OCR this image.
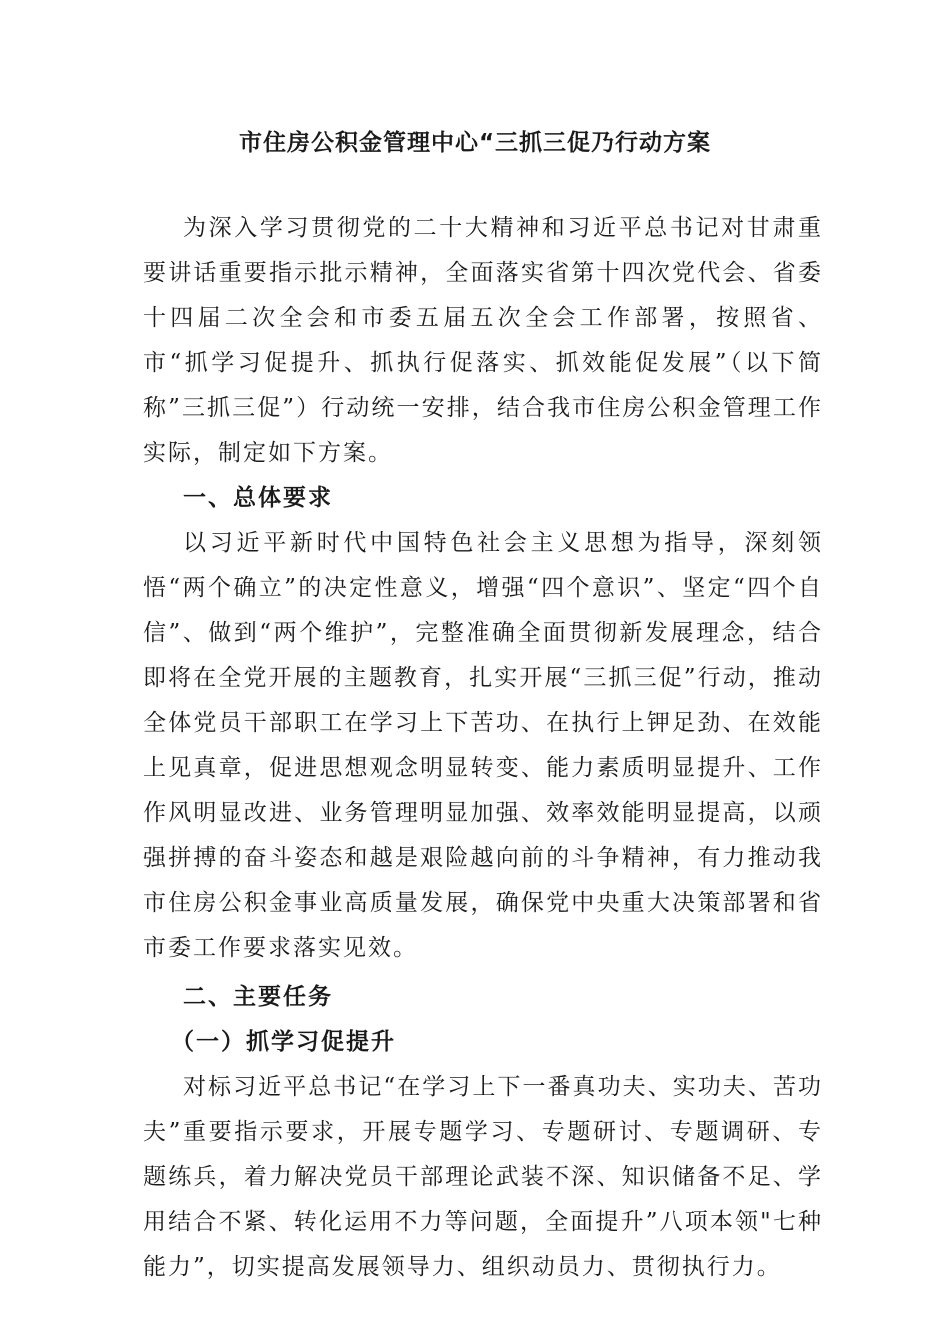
市住房公积金管理中心“三抓三促乃行动方案

为深入学习贯彻党的二十大精神和习近平总书记对甘肃重要讲话重要指示批示精神，全面落实省第十四次党代会、省委十四届二次全会和市委五届五次全会工作部署，按照省、市“抓学习促提升、抓执行促落实、抓效能促发展”（以下简称”三抓三促”）行动统一安排，结合我市住房公积金管理工作实际，制定如下方案。

一、总体要求

以习近平新时代中国特色社会主义思想为指导，深刻领悟“两个确立”的决定性意义，增强“四个意识”、坚定“四个自信”、做到“两个维护”，完整准确全面贯彻新发展理念，结合即将在全党开展的主题教育，扎实开展“三抓三促”行动，推动全体党员干部职工在学习上下苦功、在执行上钾足劲、在效能上见真章，促进思想观念明显转变、能力素质明显提升、工作作风明显改进、业务管理明显加强、效率效能明显提高，以顽强拼搏的奋斗姿态和越是艰险越向前的斗争精神，有力推动我市住房公积金事业高质量发展，确保党中央重大决策部署和省市委工作要求落实见效。

二、主要任务

（一）抓学习促提升

对标习近平总书记“在学习上下一番真功夫、实功夫、苦功夫”重要指示要求，开展专题学习、专题研讨、专题调研、专题练兵，着力解决党员干部理论武装不深、知识储备不足、学用结合不紧、转化运用不力等问题，全面提升”八项本领"七种能力”，切实提高发展领导力、组织动员力、贯彻执行力。
